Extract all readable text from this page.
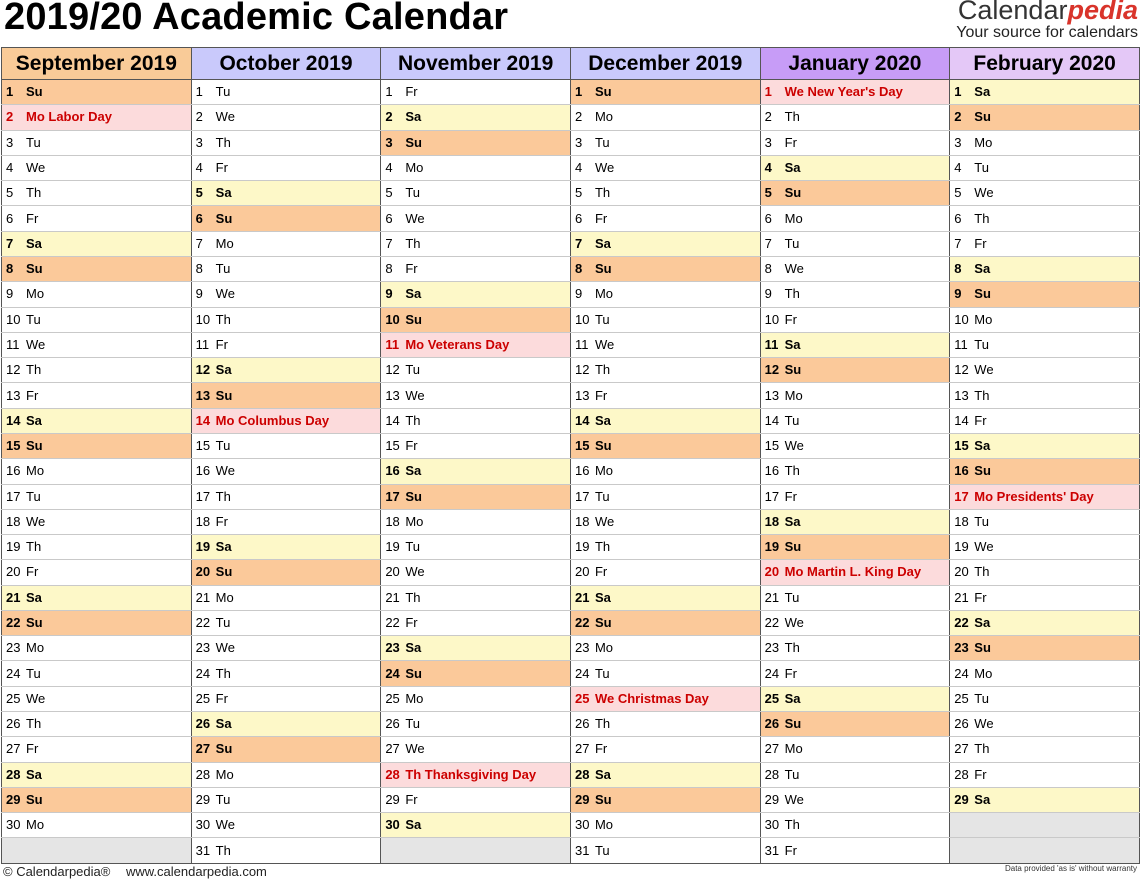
2019/20 Academic Calendar	Calendarpedia
Your source for calendars
September 2019	October 2019	November 2019	December 2019	January 2020	February 2020
1 Su	1 Tu	1 Fr	1 Su	1 We New Year's Day	1 Sa
2 Mo Labor Day	2 We	2 Sa	2 Mo	2 Th	2 Su
3 Tu	3 Th	3 Su	3 Tu	3 Fr	3 Mo
4 We	4 Fr	4 Mo	4 We	4 Sa	4 Tu
5 Th	5 Sa	5 Tu	5 Th	5 Su	5 We
6 Fr	6 Su	6 We	6 Fr	6 Mo	6 Th
7 Sa	7 Mo	7 Th	7 Sa	7 Tu	7 Fr
8 Su	8 Tu	8 Fr	8 Su	8 We	8 Sa
9 Mo	9 We	9 Sa	9 Mo	9 Th	9 Su
10 Tu	10 Th	10 Su	10 Tu	10 Fr	10 Mo
11 We	11 Fr	11 Mo Veterans Day	11 We	11 Sa	11 Tu
12 Th	12 Sa	12 Tu	12 Th	12 Su	12 We
13 Fr	13 Su	13 We	13 Fr	13 Mo	13 Th
14 Sa	14 Mo Columbus Day	14 Th	14 Sa	14 Tu	14 Fr
15 Su	15 Tu	15 Fr	15 Su	15 We	15 Sa
16 Mo	16 We	16 Sa	16 Mo	16 Th	16 Su
17 Tu	17 Th	17 Su	17 Tu	17 Fr	17 Mo Presidents' Day
18 We	18 Fr	18 Mo	18 We	18 Sa	18 Tu
19 Th	19 Sa	19 Tu	19 Th	19 Su	19 We
20 Fr	20 Su	20 We	20 Fr	20 Mo Martin L. King Day	20 Th
21 Sa	21 Mo	21 Th	21 Sa	21 Tu	21 Fr
22 Su	22 Tu	22 Fr	22 Su	22 We	22 Sa
23 Mo	23 We	23 Sa	23 Mo	23 Th	23 Su
24 Tu	24 Th	24 Su	24 Tu	24 Fr	24 Mo
25 We	25 Fr	25 Mo	25 We Christmas Day	25 Sa	25 Tu
26 Th	26 Sa	26 Tu	26 Th	26 Su	26 We
27 Fr	27 Su	27 We	27 Fr	27 Mo	27 Th
28 Sa	28 Mo	28 Th Thanksgiving Day	28 Sa	28 Tu	28 Fr
29 Su	29 Tu	29 Fr	29 Su	29 We	29 Sa
30 Mo	30 We	30 Sa	30 Mo	30 Th	
	31 Th		31 Tu	31 Fr	
© Calendarpedia® www.calendarpedia.com	Data provided 'as is' without warranty
